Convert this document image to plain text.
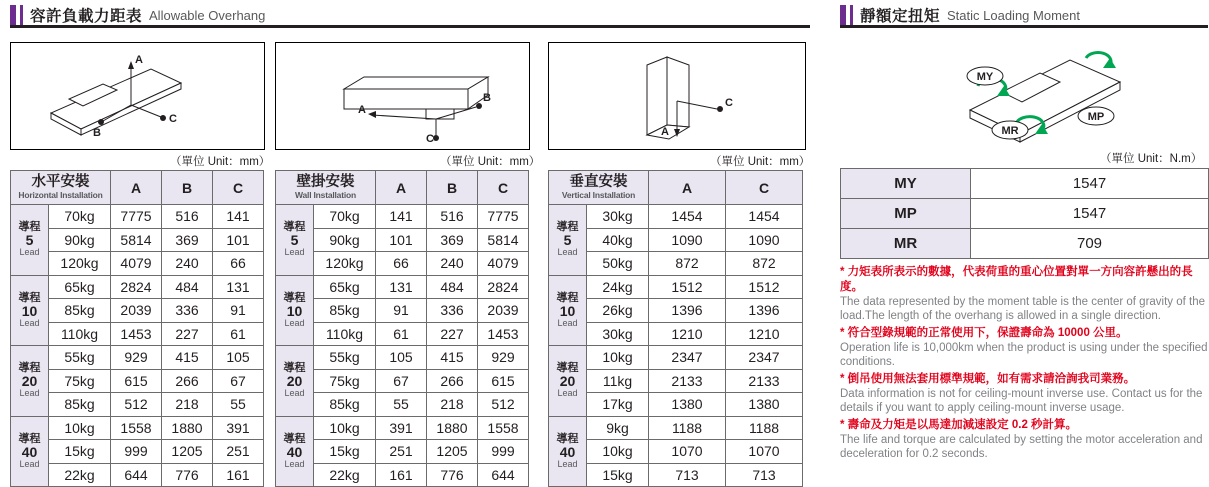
容許負載力距表 Allowable Overhang	靜額定扭矩 Static Loading Moment
A
C
B
A
B
C
A
C
MY
MP
MR
（單位 Unit：mm）	（單位 Unit：mm）	（單位 Unit：mm）	（單位 Unit：N.m）
水平安裝
Horizontal Installation		A	B	C

導程
5
Lead	70kg	7775	516	141
	90kg	5814	369	101
	120kg	4079	240	66

導程
10
Lead	65kg	2824	484	131
	85kg	2039	336	91
	110kg	1453	227	61

導程
20
Lead	55kg	929	415	105
	75kg	615	266	67
	85kg	512	218	55

導程
40
Lead	10kg	1558	1880	391
	15kg	999	1205	251
	22kg	644	776	161
壁掛安裝
Wall Installation		A	B	C

導程
5
Lead	70kg	141	516	7775
	90kg	101	369	5814
	120kg	66	240	4079

導程
10
Lead	65kg	131	484	2824
	85kg	91	336	2039
	110kg	61	227	1453

導程
20
Lead	55kg	105	415	929
	75kg	67	266	615
	85kg	55	218	512

導程
40
Lead	10kg	391	1880	1558
	15kg	251	1205	999
	22kg	161	776	644
垂直安裝
Vertical Installation		A	C

導程
5
Lead	30kg	1454	1454
	40kg	1090	1090
	50kg	872	872

導程
10
Lead	24kg	1512	1512
	26kg	1396	1396
	30kg	1210	1210

導程
20
Lead	10kg	2347	2347
	11kg	2133	2133
	17kg	1380	1380

導程
40
Lead	9kg	1188	1188
	10kg	1070	1070
	15kg	713	713
MY	1547
MP	1547
MR	709
* 力矩表所表示的數據，代表荷重的重心位置對單一方向容許懸出的長度。
The data represented by the moment table is the center of gravity of the load.The length of the overhang is allowed in a single direction.
* 符合型錄規範的正常使用下，保證壽命為 10000 公里。
Operation life is 10,000km when the product is using under the specified conditions.
* 倒吊使用無法套用標準規範，如有需求請洽詢我司業務。
Data information is not for ceiling-mount inverse use. Contact us for the details if you want to apply ceiling-mount inverse usage.
* 壽命及力矩是以馬達加減速設定 0.2 秒計算。
The life and torque are calculated by setting the motor acceleration and deceleration for 0.2 seconds.
